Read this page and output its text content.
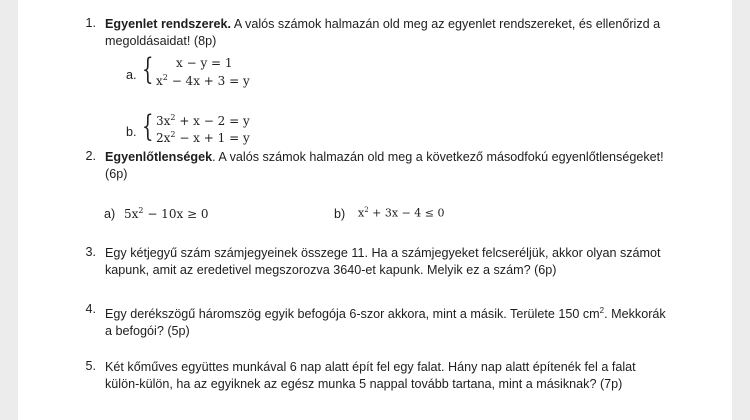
1. Egyenlet rendszerek. A valós számok halmazán old meg az egyenlet rendszereket, és ellenőrizd a
megoldásaidat! (8p)
a. { x − y = 1
$x^2 - 4x + 3 = y$
b. { $3x^2 + x - 2 = y$
$2x^2 - x + 1 = y$
2. Egyenlőtlenségek. A valós számok halmazán old meg a következő másodfokú egyenlőtlenségeket!
(6p)
a) $5x^2 - 10x \ge 0$	b) $x^2 + 3x - 4 \le 0$
3. Egy kétjegyű szám számjegyeinek összege 11. Ha a számjegyeket felcseréljük, akkor olyan számot
kapunk, amit az eredetivel megszorozva 3640-et kapunk. Melyik ez a szám? (6p)
4. Egy derékszögű háromszög egyik befogója 6-szor akkora, mint a másik. Területe 150 $cm^2$. Mekkorák
a befogói? (5p)
5. Két kőműves együttes munkával 6 nap alatt épít fel egy falat. Hány nap alatt építenék fel a falat
külön-külön, ha az egyiknek az egész munka 5 nappal tovább tartana, mint a másiknak? (7p)
